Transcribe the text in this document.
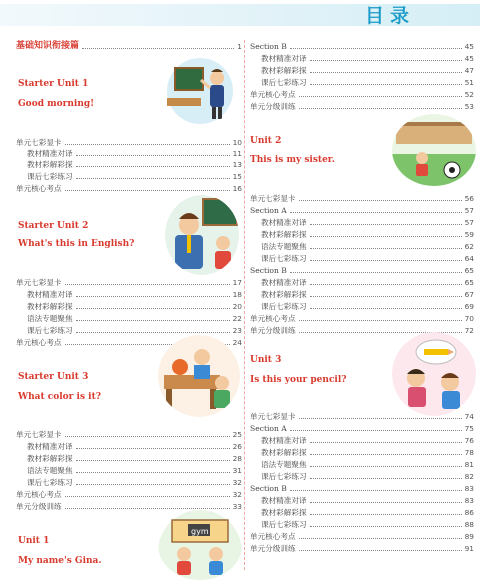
目录
基础知识衔接篇	1
Starter Unit 1
Good morning!
单元七彩显卡	10
教材精准对译	11
教材彩解彩探	13
课后七彩练习	15
单元核心考点	16
Starter Unit 2
What's this in English?
单元七彩显卡	17
教材精准对译	18
教材彩解彩探	20
语法专题聚焦	22
课后七彩练习	23
单元核心考点	24
Starter Unit 3
What color is it?
单元七彩显卡	25
教材精准对译	26
教材彩解彩探	28
语法专题聚焦	31
课后七彩练习	32
单元核心考点	32
单元分级训练	33
Unit 1
My name's Gina.
Section B	45
教材精准对译	45
教材彩解彩探	47
课后七彩练习	51
单元核心考点	52
单元分级训练	53
Unit 2
This is my sister.
单元七彩显卡	56
Section A	57
教材精准对译	57
教材彩解彩探	59
语法专题聚焦	62
课后七彩练习	64
Section B	65
教材精准对译	65
教材彩解彩探	67
课后七彩练习	69
单元核心考点	70
单元分级训练	72
Unit 3
Is this your pencil?
单元七彩显卡	74
Section A	75
教材精准对译	76
教材彩解彩探	78
语法专题聚焦	81
课后七彩练习	82
Section B	83
教材精准对译	83
教材彩解彩探	86
课后七彩练习	88
单元核心考点	89
单元分级训练	91
gym
